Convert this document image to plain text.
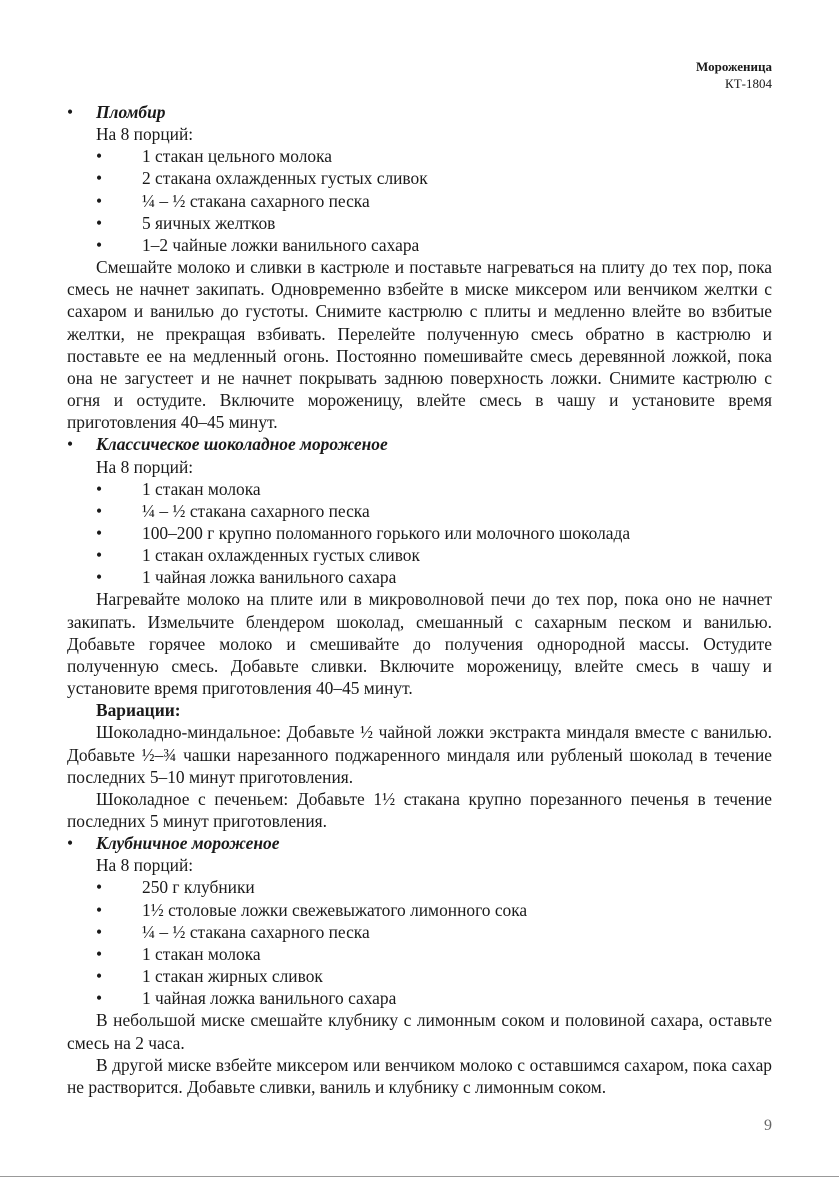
Мороженица
КТ-1804
• Пломбир
На 8 порций:
• 1 стакан цельного молока
• 2 стакана охлажденных густых сливок
• ¼ – ½ стакана сахарного песка
• 5 яичных желтков
• 1–2 чайные ложки ванильного сахара

Смешайте молоко и сливки в кастрюле и поставьте нагреваться на плиту до тех пор, пока смесь не начнет закипать. Одновременно взбейте в миске миксером или венчиком желтки с сахаром и ванилью до густоты. Снимите кастрюлю с плиты и медленно влейте во взбитые желтки, не прекращая взбивать. Перелейте полученную смесь обратно в кастрюлю и поставьте ее на медленный огонь. Постоянно помешивайте смесь деревянной ложкой, пока она не загустеет и не начнет покрывать заднюю поверхность ложки. Снимите кастрюлю с огня и остудите. Включите мороженицу, влейте смесь в чашу и установите время приготовления 40–45 минут.

• Классическое шоколадное мороженое
На 8 порций:
• 1 стакан молока
• ¼ – ½ стакана сахарного песка
• 100–200 г крупно поломанного горького или молочного шоколада
• 1 стакан охлажденных густых сливок
• 1 чайная ложка ванильного сахара

Нагревайте молоко на плите или в микроволновой печи до тех пор, пока оно не начнет закипать. Измельчите блендером шоколад, смешанный с сахарным песком и ванилью. Добавьте горячее молоко и смешивайте до получения однородной массы. Остудите полученную смесь. Добавьте сливки. Включите мороженицу, влейте смесь в чашу и установите время приготовления 40–45 минут.

Вариации:

Шоколадно-миндальное: Добавьте ½ чайной ложки экстракта миндаля вместе с ванилью. Добавьте ½–¾ чашки нарезанного поджаренного миндаля или рубленый шоколад в течение последних 5–10 минут приготовления.

Шоколадное с печеньем: Добавьте 1½ стакана крупно порезанного печенья в течение последних 5 минут приготовления.

• Клубничное мороженое
На 8 порций:
• 250 г клубники
• 1½ столовые ложки свежевыжатого лимонного сока
• ¼ – ½ стакана сахарного песка
• 1 стакан молока
• 1 стакан жирных сливок
• 1 чайная ложка ванильного сахара

В небольшой миске смешайте клубнику с лимонным соком и половиной сахара, оставьте смесь на 2 часа.

В другой миске взбейте миксером или венчиком молоко с оставшимся сахаром, пока сахар не растворится. Добавьте сливки, ваниль и клубнику с лимонным соком.

9
